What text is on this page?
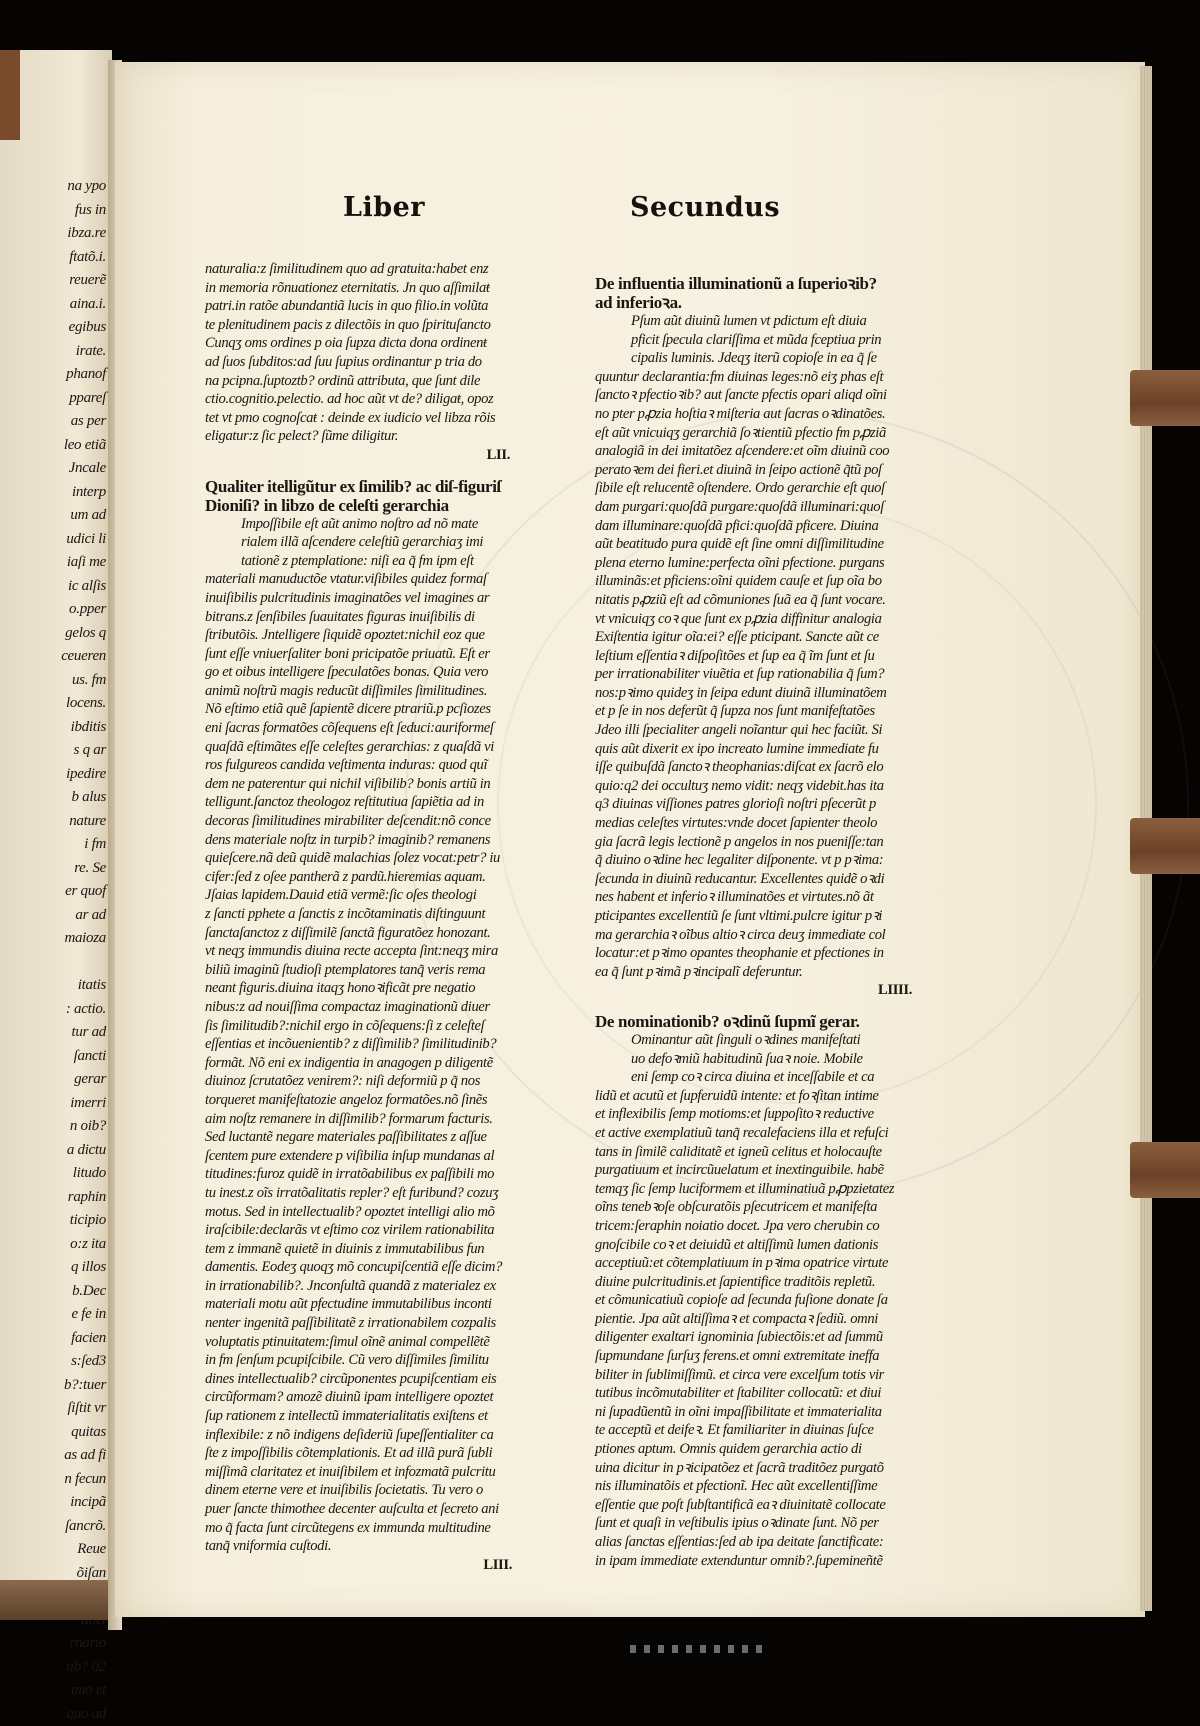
na ypo
fus in
ibza.re
ftatõ.i.
reuerẽ
aina.i.
egibus
irate.
phanof
ppareſ
as per
leo etiã
Jncale
interp
um ad
udici li
iaſi me
ic alſis
o.pper
gelos q
ceueren
us. fm
locens.
ibditis
s q ar
ipedire
b alus
nature
i fm
re. Se
er quof
ar ad
maioza

itatis
: actio.
tur ad
ſancti
gerar
imerri
n oib?
a dictu
litudo
raphin
ticipio
o:z ita
q illos
b.Dec
e fe in
facien
s:ſed3
b?:tuer
ſiſtit vr
quitas
as ad fi
n fecun
incipã
ſancrõ.
Reue
õiſan
rnario
iib? 02
imo et
quo ad
Liber	Secundus
naturalia:z ſimilitudinem quo ad gratuita:habet enz
in memoria rõnuationez eternitatis. Jn quo aſſimilaŧ
patri.in ratõe abundantiã lucis in quo filio.in volũta
te plenitudinem pacis z dilectõis in quo ſpirituſancto
Cunqʒ oms ordines p oia ſupza dicta dona ordinenŧ
ad ſuos ſubditos:ad ſuu ſupius ordinantur p tria do
na pcipna.ſuptoztb? ordinũ attributa, que ſunt dile
ctio.cognitio.pelectio. ad hoc aũt vt de? diligaŧ, opoz
tet vt pmo cognoſcaŧ : deinde ex iudicio vel libza rõis
eligatur:z ſic pelect? ſũme diligitur.
LII.
Qualiter itelligũtur ex ſimilib? ac diſ-figuriſ
Dioniſi? in libzo de celeſti gerarchia
Impoſſibile eſt aũt animo noſtro ad nõ mate
rialem illã aſcendere celeſtiũ gerarchiaʒ imi
tationẽ z ptemplatione: niſi ea q̃ fm ipm eſt
materiali manuductõe vtatur.viſibiles quidez formaſ
inuiſibilis pulcritudinis imaginatões vel imagines ar
bitrans.z ſenſibiles ſuauitates figuras inuiſibilis di
ſtributõis. Jntelligere ſiquidẽ opoztet:nichil eoz que
ſunt eſſe vniuerſaliter boni pricipatõe priuatũ. Eſt er
go et oibus intelligere ſpeculatões bonas. Quia vero
animũ noſtrũ magis reducũt diſſimiles ſimilitudines.
Nõ eſtimo etiã quẽ ſapientẽ dicere ptrariũ.p pcſiozes
eni ſacras formatões cõſequens eſt ſeduci:auriformeſ
quaſdã eſtimãtes eſſe celeſtes gerarchias: z quaſdã vi
ros fulgureos candida veſtimenta induras: quod quĩ
dem ne paterentur qui nichil viſibilib? bonis artiũ in
telligunt.ſanctoz theologoz reſtitutiua ſapiẽtia ad in
decoras ſimilitudines mirabiliter deſcendit:nõ conce
dens materiale noſtz in turpib? imaginib? remanens
quieſcere.nã deũ quidẽ malachias ſolez vocat:petr? iu
cifer:ſed z oſee pantherã z pardũ.hieremias aquam.
Jſaias lapidem.Dauid etiã vermẽ:ſic oſes theologi
z ſancti pphete a ſanctis z incõtaminatis diſtinguunt
ſanctaſanctoz z diſſimilẽ ſanctã figuratõez honozant.
vt neqʒ immundis diuina recte accepta ſint:neqʒ mira
biliũ imaginũ ſtudioſi ptemplatores tanq̃ veris rema
neant figuris.diuina itaqʒ honoꝛificãt pre negatio
nibus:z ad nouiſſima compactaz imaginationũ diuer
ſis ſimilitudib?:nichil ergo in cõſequens:ſi z celeſteſ
eſſentias et incõuenientib? z diſſimilib? ſimilitudinib?
formãt. Nõ eni ex indigentia in anagogen p diligentẽ
diuinoz ſcrutatõez venirem?: niſi deformiũ p q̃ nos
torqueret manifeſtatozie angeloz formatões.nõ ſinẽs
aim noſtz remanere in diſſimilib? formarum facturis.
Sed luctantẽ negare materiales paſſibilitates z aſſue
ſcentem pure extendere p viſibilia inſup mundanas al
titudines:furoz quidẽ in irratõabilibus ex paſſibili mo
tu inest.z oĩs irratõalitatis repler? eſt furibund? cozuʒ
motus. Sed in intellectualib? opoztet intelligi alio mõ
iraſcibile:declarãs vt eſtimo coz virilem rationabilita
tem z immanẽ quietẽ in diuinis z immutabilibus fun
damentis. Eodeʒ quoqʒ mõ concupiſcentiã eſſe dicim?
in irrationabilib?. Jnconſultã quandã z materialez ex
materiali motu aũt pfectudine immutabilibus inconti
nenter ingenitã paſſibilitatẽ z irrationabilem cozpalis
voluptatis ptinuitatem:ſimul oĩnẽ animal compellẽtẽ
in fm ſenſum pcupiſcibile. Cũ vero diſſimiles ſimilitu
dines intellectualib? circũponentes pcupiſcentiam eis
circũformam? amozẽ diuinũ ipam intelligere opoztet
ſup rationem z intellectũ immaterialitatis exiſtens et
inflexibile: z nõ indigens deſideriũ ſupeſſentialiter ca
ſte z impoſſibilis cõtemplationis. Et ad illã purã ſubli
miſſimã claritatez et inuiſibilem et infozmatã pulcritu
dinem eterne vere et inuiſibilis ſocietatis. Tu vero o
puer ſancte thimothee decenter auſculta et ſecreto ani
mo q̃ facta ſunt circũtegens ex immunda multitudine
tanq̃ vniformia cuſtodi.
LIII.
De influentia illuminationũ a ſuperioꝛib?
ad inferioꝛa.
Pſum aũt diuinũ lumen vt pdictum eſt diuia
pficit ſpecula clariſſima et mũda fceptiua prin
cipalis luminis. Jdeqʒ iterũ copioſe in ea q̃ ſe
quuntur declarantia:fm diuinas leges:nõ eiʒ phas eſt
ſanctoꝛ pfectioꝛib? aut ſancte pfectis opari aliqd oĩni
no pter pꝓzia hoſtiaꝛ miſteria aut ſacras oꝛdinatões.
eſt aũt vnicuiqʒ gerarchiã ſoꝛtientiũ pfectio fm pꝓziã
analogiã in dei imitatõez aſcendere:et oĩm diuinũ coo
peratoꝛem dei fieri.et diuinã in ſeipo actionẽ q̃tũ poſ
ſibile eſt relucentẽ oſtendere. Ordo gerarchie eſt quoſ
dam purgari:quoſdã purgare:quoſdã illuminari:quoſ
dam illuminare:quoſdã pfici:quoſdã pficere. Diuina
aũt beatitudo pura quidẽ eſt ſine omni diſſimilitudine
plena eterno lumine:perfecta oĩni pfectione. purgans
illuminãs:et pficiens:oĩni quidem cauſe et ſup oĩa bo
nitatis pꝓziũ eſt ad cõmuniones ſuã ea q̃ ſunt vocare.
vt vnicuiqʒ coꝛ que ſunt ex pꝓzia diffinitur analogia
Exiſtentia igitur oĩa:ei? eſſe pticipant. Sancte aũt ce
leſtium eſſentiaꝛ diſpoſitões et ſup ea q̃ ĩm ſunt et ſu
per irrationabiliter viuẽtia et ſup rationabilia q̃ ſum?
nos:pꝛimo quideʒ in ſeipa edunt diuinã illuminatõem
et p ſe in nos deferũt q̃ ſupza nos ſunt manifeſtatões
Jdeo illi ſpecialiter angeli noĩantur qui hec faciũt. Si
quis aũt dixerit ex ipo increato lumine immediate fu
iſſe quibuſdã ſanctoꝛ theophanias:diſcat ex ſacrõ elo
quio:q2 dei occultuʒ nemo vidit: neqʒ videbit.has ita
q3 diuinas viſſiones patres glorioſi noſtri pſecerũt p
medias celeſtes virtutes:vnde docet ſapienter theolo
gia ſacrã legis lectionẽ p angelos in nos pueniſſe:tan
q̃ diuino oꝛdine hec legaliter diſponente. vt p pꝛima:
ſecunda in diuinũ reducantur. Excellentes quidẽ oꝛdi
nes habent et inferioꝛ illuminatões et virtutes.nõ ãt
pticipantes excellentiũ ſe ſunt vltimi.pulcre igitur pꝛi
ma gerarchiaꝛ oĩbus altioꝛ circa deuʒ immediate col
locatur:et pꝛimo opantes theophanie et pfectiones in
ea q̃ ſunt pꝛimã pꝛincipalĩ deferuntur.
LIIII.
De nominationib? oꝛdinũ ſupmĩ gerar.
Ominantur aũt ſinguli oꝛdines manifeſtati
uo defoꝛmiũ habitudinũ ſuaꝛ noie. Mobile
eni ſemp coꝛ circa diuina et inceſſabile et ca
lidũ et acutũ et ſupferuidũ intente: et foꝛſitan intime
et inflexibilis ſemp motioms:et ſuppoſitoꝛ reductive
et active exemplatiuũ tanq̃ recalefaciens illa et refuſci
tans in ſimilẽ caliditatẽ et igneũ celitus et holocauſte
purgatiuum et incircũuelatum et inextinguibile. habẽ
temqʒ ſic ſemp luciformem et illuminatiuã pꝓpzietatez
oĩns tenebꝛoſe obſcuratõis pſecutricem et manifeſta
tricem:ſeraphin noiatio docet. Jpa vero cherubin co
gnoſcibile coꝛ et deiuidũ et altiſſimũ lumen dationis
acceptiuũ:et cõtemplatiuum in pꝛima opatrice virtute
diuine pulcritudinis.et ſapientifice traditõis repletũ.
et cõmunicatiuũ copioſe ad ſecunda fuſione donate ſa
pientie. Jpa aũt altiſſimaꝛ et compactaꝛ ſediũ. omni
diligenter exaltari ignominia ſubiectõis:et ad ſummũ
ſupmundane ſurſuʒ ferens.et omni extremitate ineffa
biliter in ſublimiſſimũ. et circa vere excelſum totis vir
tutibus incõmutabiliter et ſtabiliter collocatũ: et diui
ni ſupadũentũ in oĩni impaſſibilitate et immaterialita
te acceptũ et deifeꝛ. Et familiariter in diuinas ſuſce
ptiones aptum. Omnis quidem gerarchia actio di
uina dicitur in pꝛicipatõez et ſacrã traditõez purgatõ
nis illuminatõis et pfectionĩ. Hec aũt excellentiſſime
eſſentie que poſt ſubſtantificã eaꝛ diuinitatẽ collocate
ſunt et quaſi in veſtibulis ipius oꝛdinate ſunt. Nõ per
alias ſanctas eſſentias:ſed ab ipa deitate ſanctificate:
in ipam immediate extenduntur omnib?.ſupemineñtẽ
